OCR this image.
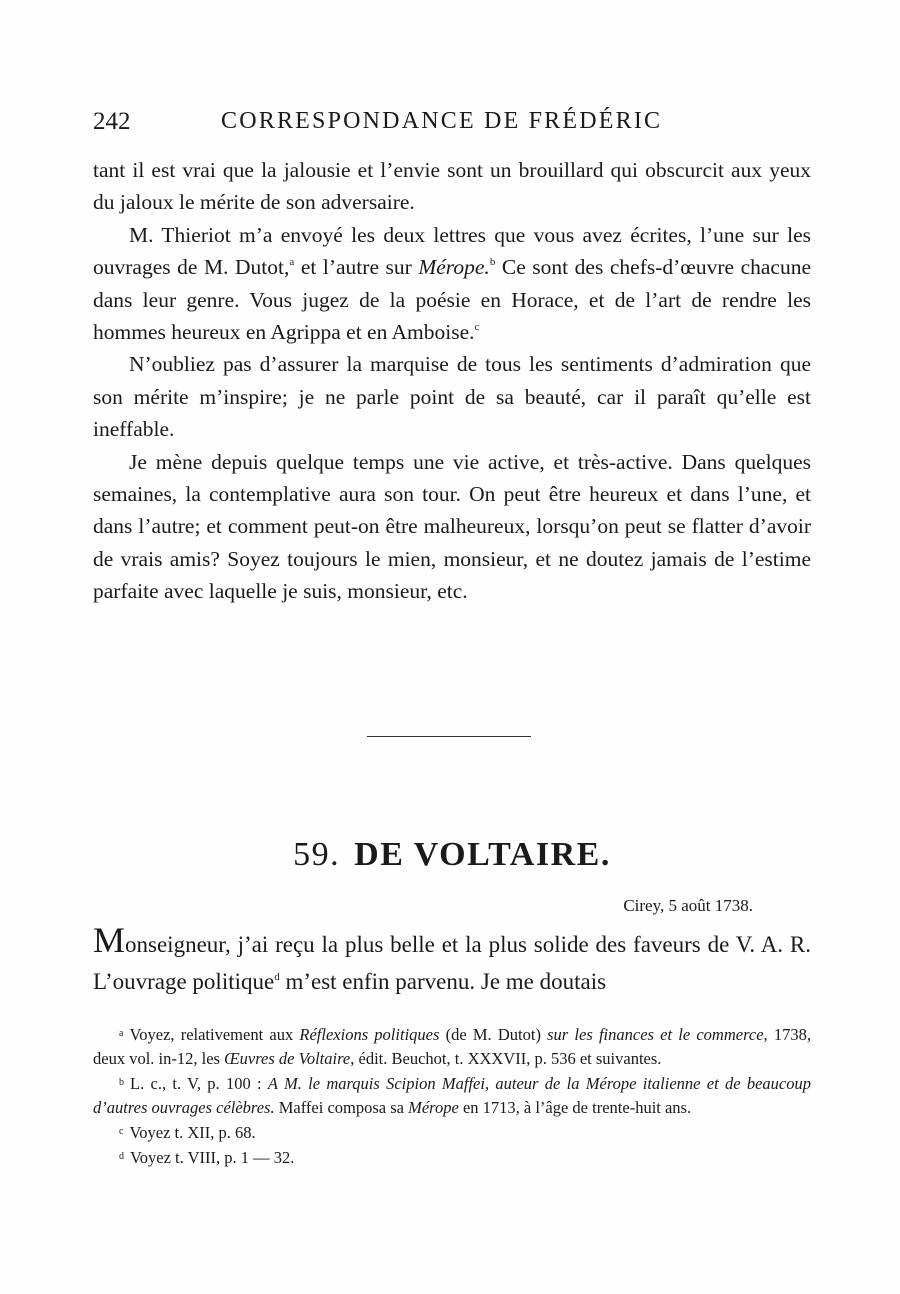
242	CORRESPONDANCE DE FRÉDÉRIC

tant il est vrai que la jalousie et l’envie sont un brouillard qui obscurcit aux yeux du jaloux le mérite de son adversaire.

M. Thieriot m’a envoyé les deux lettres que vous avez écrites, l’une sur les ouvrages de M. Dutot,$^a$ et l’autre sur Mérope.$^b$ Ce sont des chefs-d’œuvre chacune dans leur genre. Vous jugez de la poésie en Horace, et de l’art de rendre les hommes heureux en Agrippa et en Amboise.$^c$

N’oubliez pas d’assurer la marquise de tous les sentiments d’admiration que son mérite m’inspire; je ne parle point de sa beauté, car il paraît qu’elle est ineffable.

Je mène depuis quelque temps une vie active, et très-active. Dans quelques semaines, la contemplative aura son tour. On peut être heureux et dans l’une, et dans l’autre; et comment peut-on être malheureux, lorsqu’on peut se flatter d’avoir de vrais amis? Soyez toujours le mien, monsieur, et ne doutez jamais de l’estime parfaite avec laquelle je suis, monsieur, etc.

59. DE VOLTAIRE.
Cirey, 5 août 1738.

Monseigneur, j’ai reçu la plus belle et la plus solide des faveurs de V. A. R. L’ouvrage politique$^d$ m’est enfin parvenu. Je me doutais

$^a$ Voyez, relativement aux Réflexions politiques (de M. Dutot) sur les finances et le commerce, 1738, deux vol. in-12, les Œuvres de Voltaire, édit. Beuchot, t. XXXVII, p. 536 et suivantes.

$^b$ L. c., t. V, p. 100 : A M. le marquis Scipion Maffei, auteur de la Mérope italienne et de beaucoup d’autres ouvrages célèbres. Maffei composa sa Mérope en 1713, à l’âge de trente-huit ans.

$^c$ Voyez t. XII, p. 68.

$^d$ Voyez t. VIII, p. 1 — 32.
